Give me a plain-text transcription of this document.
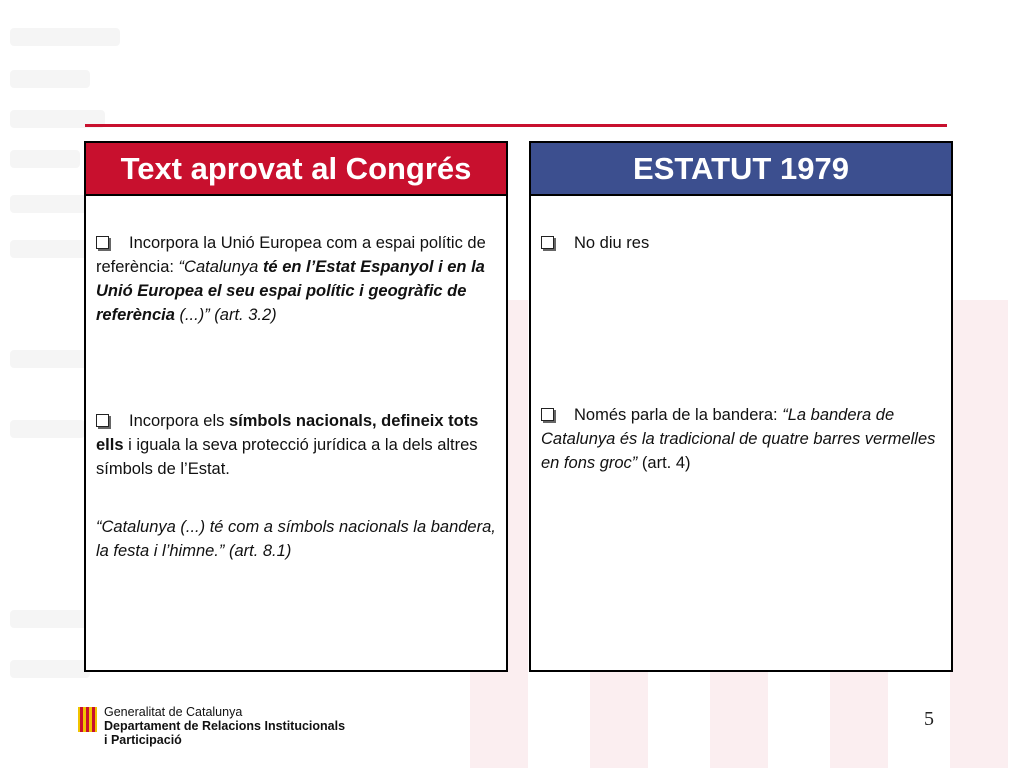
Text aprovat al Congrés
Incorpora la Unió Europea com a espai polític de referència: “Catalunya té en l’Estat Espanyol i en la Unió Europea el seu espai polític i geogràfic de referència (...)” (art. 3.2)
Incorpora els símbols nacionals, defineix tots ells i iguala la seva protecció jurídica a la dels altres símbols de l’Estat.
“Catalunya (...) té com a símbols nacionals la bandera, la festa i l’himne.” (art. 8.1)
ESTATUT 1979
No diu res
Només parla de la bandera: “La bandera de Catalunya és la tradicional de quatre barres vermelles en fons groc” (art. 4)
Generalitat de Catalunya
Departament de Relacions Institucionals
i Participació
5
